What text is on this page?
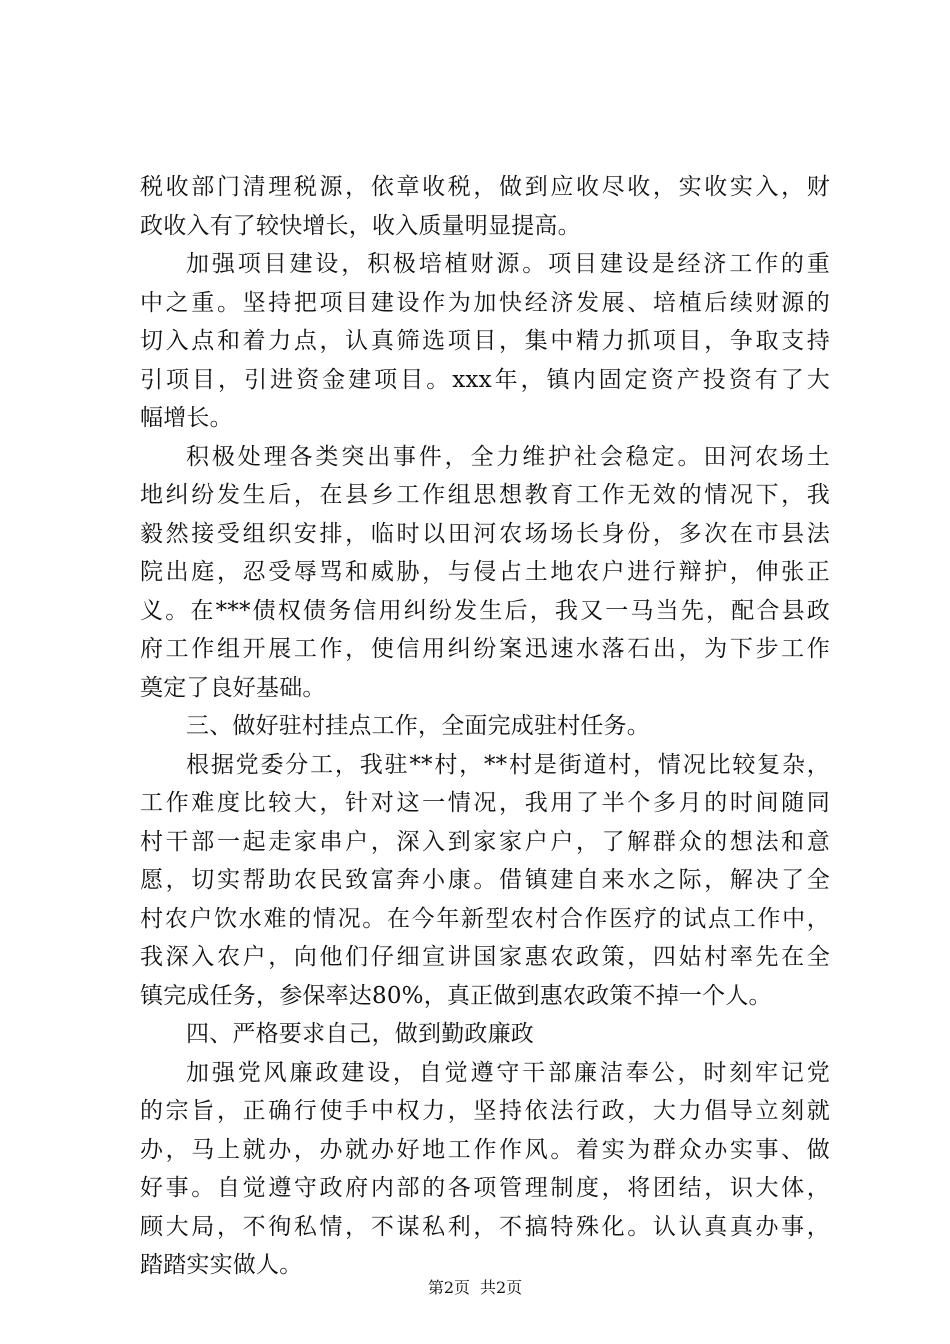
税收部门清理税源，依章收税，做到应收尽收，实收实入，财
政收入有了较快增长，收入质量明显提高。
加强项目建设，积极培植财源。项目建设是经济工作的重
中之重。坚持把项目建设作为加快经济发展、培植后续财源的
切入点和着力点，认真筛选项目，集中精力抓项目，争取支持
引项目，引进资金建项目。xxx年，镇内固定资产投资有了大
幅增长。
积极处理各类突出事件，全力维护社会稳定。田河农场土
地纠纷发生后，在县乡工作组思想教育工作无效的情况下，我
毅然接受组织安排，临时以田河农场场长身份，多次在市县法
院出庭，忍受辱骂和威胁，与侵占土地农户进行辩护，伸张正
义。在***债权债务信用纠纷发生后，我又一马当先，配合县政
府工作组开展工作，使信用纠纷案迅速水落石出，为下步工作
奠定了良好基础。
三、做好驻村挂点工作，全面完成驻村任务。
根据党委分工，我驻**村，**村是街道村，情况比较复杂，
工作难度比较大，针对这一情况，我用了半个多月的时间随同
村干部一起走家串户，深入到家家户户，了解群众的想法和意
愿，切实帮助农民致富奔小康。借镇建自来水之际，解决了全
村农户饮水难的情况。在今年新型农村合作医疗的试点工作中，
我深入农户，向他们仔细宣讲国家惠农政策，四姑村率先在全
镇完成任务，参保率达80%，真正做到惠农政策不掉一个人。
四、严格要求自己，做到勤政廉政
加强党风廉政建设，自觉遵守干部廉洁奉公，时刻牢记党
的宗旨，正确行使手中权力，坚持依法行政，大力倡导立刻就
办，马上就办，办就办好地工作作风。着实为群众办实事、做
好事。自觉遵守政府内部的各项管理制度，将团结，识大体，
顾大局，不徇私情，不谋私利，不搞特殊化。认认真真办事，
踏踏实实做人。
第2页 共2页
